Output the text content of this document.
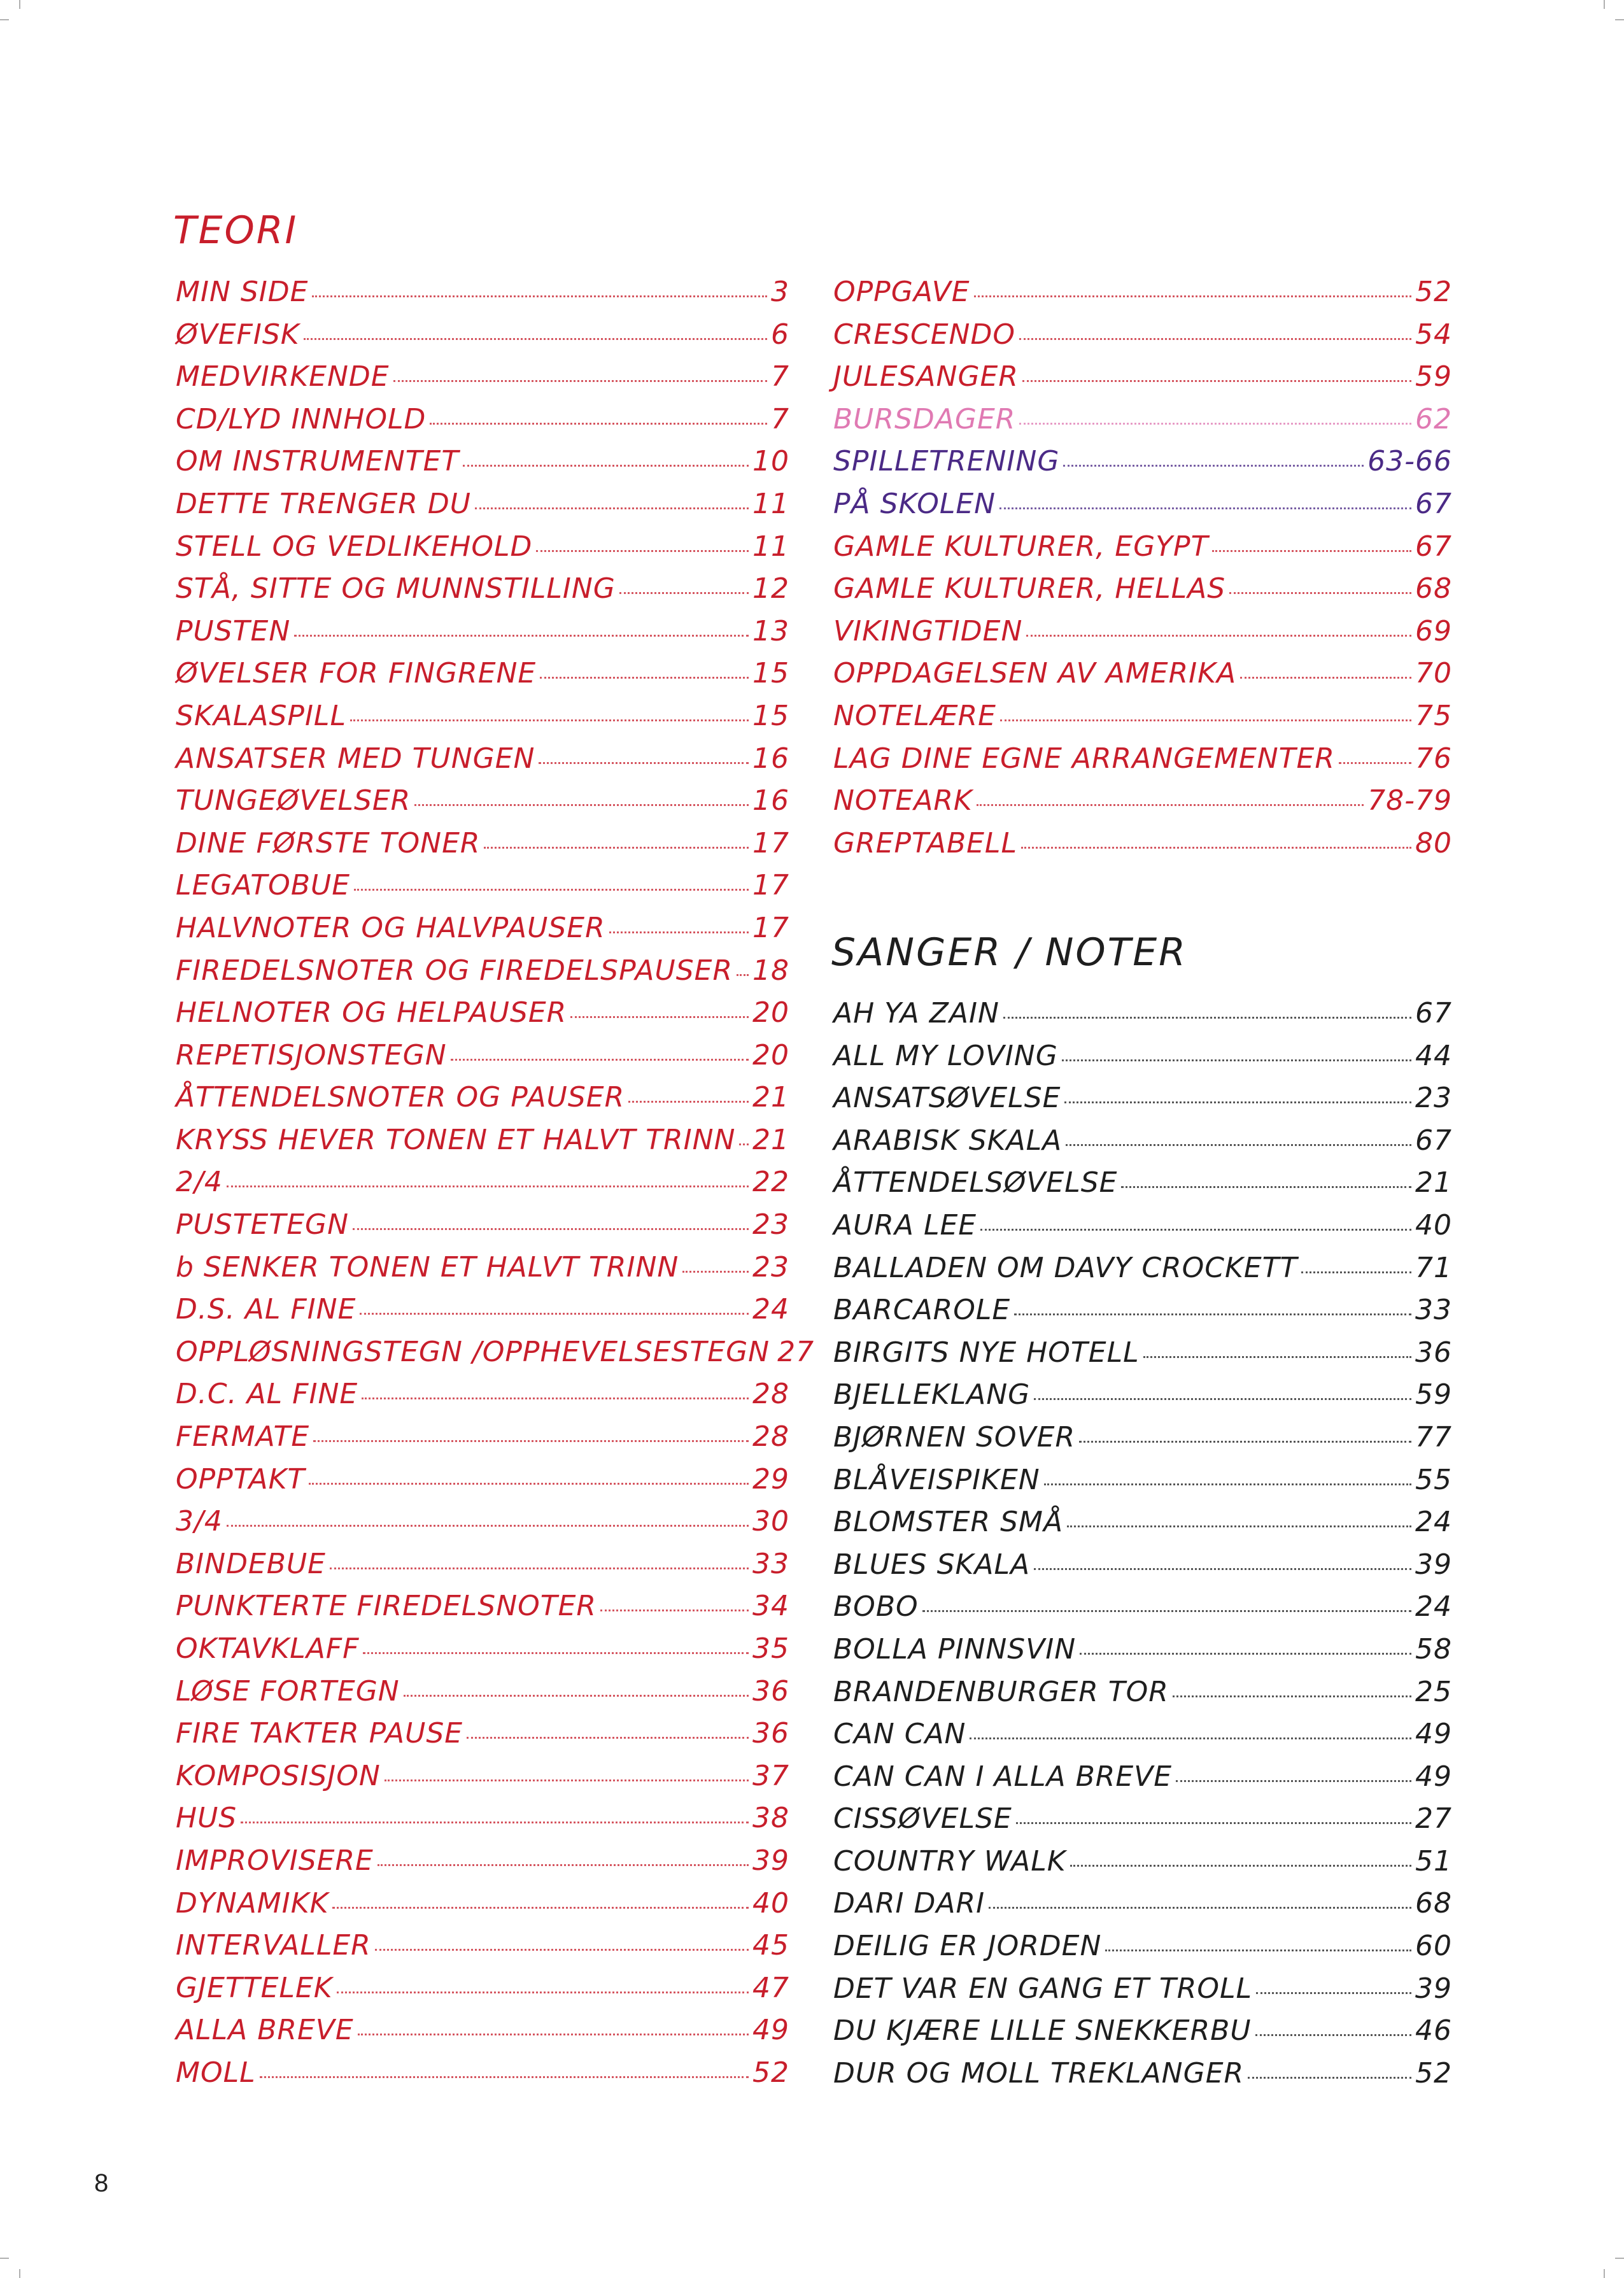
TEORI
MIN SIDE	3
ØVEFISK	6
MEDVIRKENDE	7
CD/LYD INNHOLD	7
OM INSTRUMENTET	10
DETTE TRENGER DU	11
STELL OG VEDLIKEHOLD	11
STÅ, SITTE OG MUNNSTILLING	12
PUSTEN	13
ØVELSER FOR FINGRENE	15
SKALASPILL	15
ANSATSER MED TUNGEN	16
TUNGEØVELSER	16
DINE FØRSTE TONER	17
LEGATOBUE	17
HALVNOTER OG HALVPAUSER	17
FIREDELSNOTER OG FIREDELSPAUSER 18
HELNOTER OG HELPAUSER	20
REPETISJONSTEGN	20
ÅTTENDELSNOTER OG PAUSER	21
KRYSS HEVER TONEN ET HALVT TRINN 21
2/4	22
PUSTETEGN	23
b SENKER TONEN ET HALVT TRINN	23
D.S. AL FINE	24
OPPLØSNINGSTEGN /OPPHEVELSESTEGN 27
D.C. AL FINE	28
FERMATE	28
OPPTAKT	29
3/4	30
BINDEBUE	33
PUNKTERTE FIREDELSNOTER	34
OKTAVKLAFF	35
LØSE FORTEGN	36
FIRE TAKTER PAUSE	36
KOMPOSISJON	37
HUS	38
IMPROVISERE	39
DYNAMIKK	40
INTERVALLER	45
GJETTELEK	47
ALLA BREVE	49
MOLL	52
OPPGAVE	52
CRESCENDO	54
JULESANGER	59
BURSDAGER	62
SPILLETRENING	63-66
PÅ SKOLEN	67
GAMLE KULTURER, EGYPT	67
GAMLE KULTURER, HELLAS	68
VIKINGTIDEN	69
OPPDAGELSEN AV AMERIKA	70
NOTELÆRE	75
LAG DINE EGNE ARRANGEMENTER	76
NOTEARK	78-79
GREPTABELL	80
SANGER / NOTER
AH YA ZAIN	67
ALL MY LOVING	44
ANSATSØVELSE	23
ARABISK SKALA	67
ÅTTENDELSØVELSE	21
AURA LEE	40
BALLADEN OM DAVY CROCKETT	71
BARCAROLE	33
BIRGITS NYE HOTELL	36
BJELLEKLANG	59
BJØRNEN SOVER	77
BLÅVEISPIKEN	55
BLOMSTER SMÅ	24
BLUES SKALA	39
BOBO	24
BOLLA PINNSVIN	58
BRANDENBURGER TOR	25
CAN CAN	49
CAN CAN I ALLA BREVE	49
CISSØVELSE	27
COUNTRY WALK	51
DARI DARI	68
DEILIG ER JORDEN	60
DET VAR EN GANG ET TROLL	39
DU KJÆRE LILLE SNEKKERBU	46
DUR OG MOLL TREKLANGER	52
8
